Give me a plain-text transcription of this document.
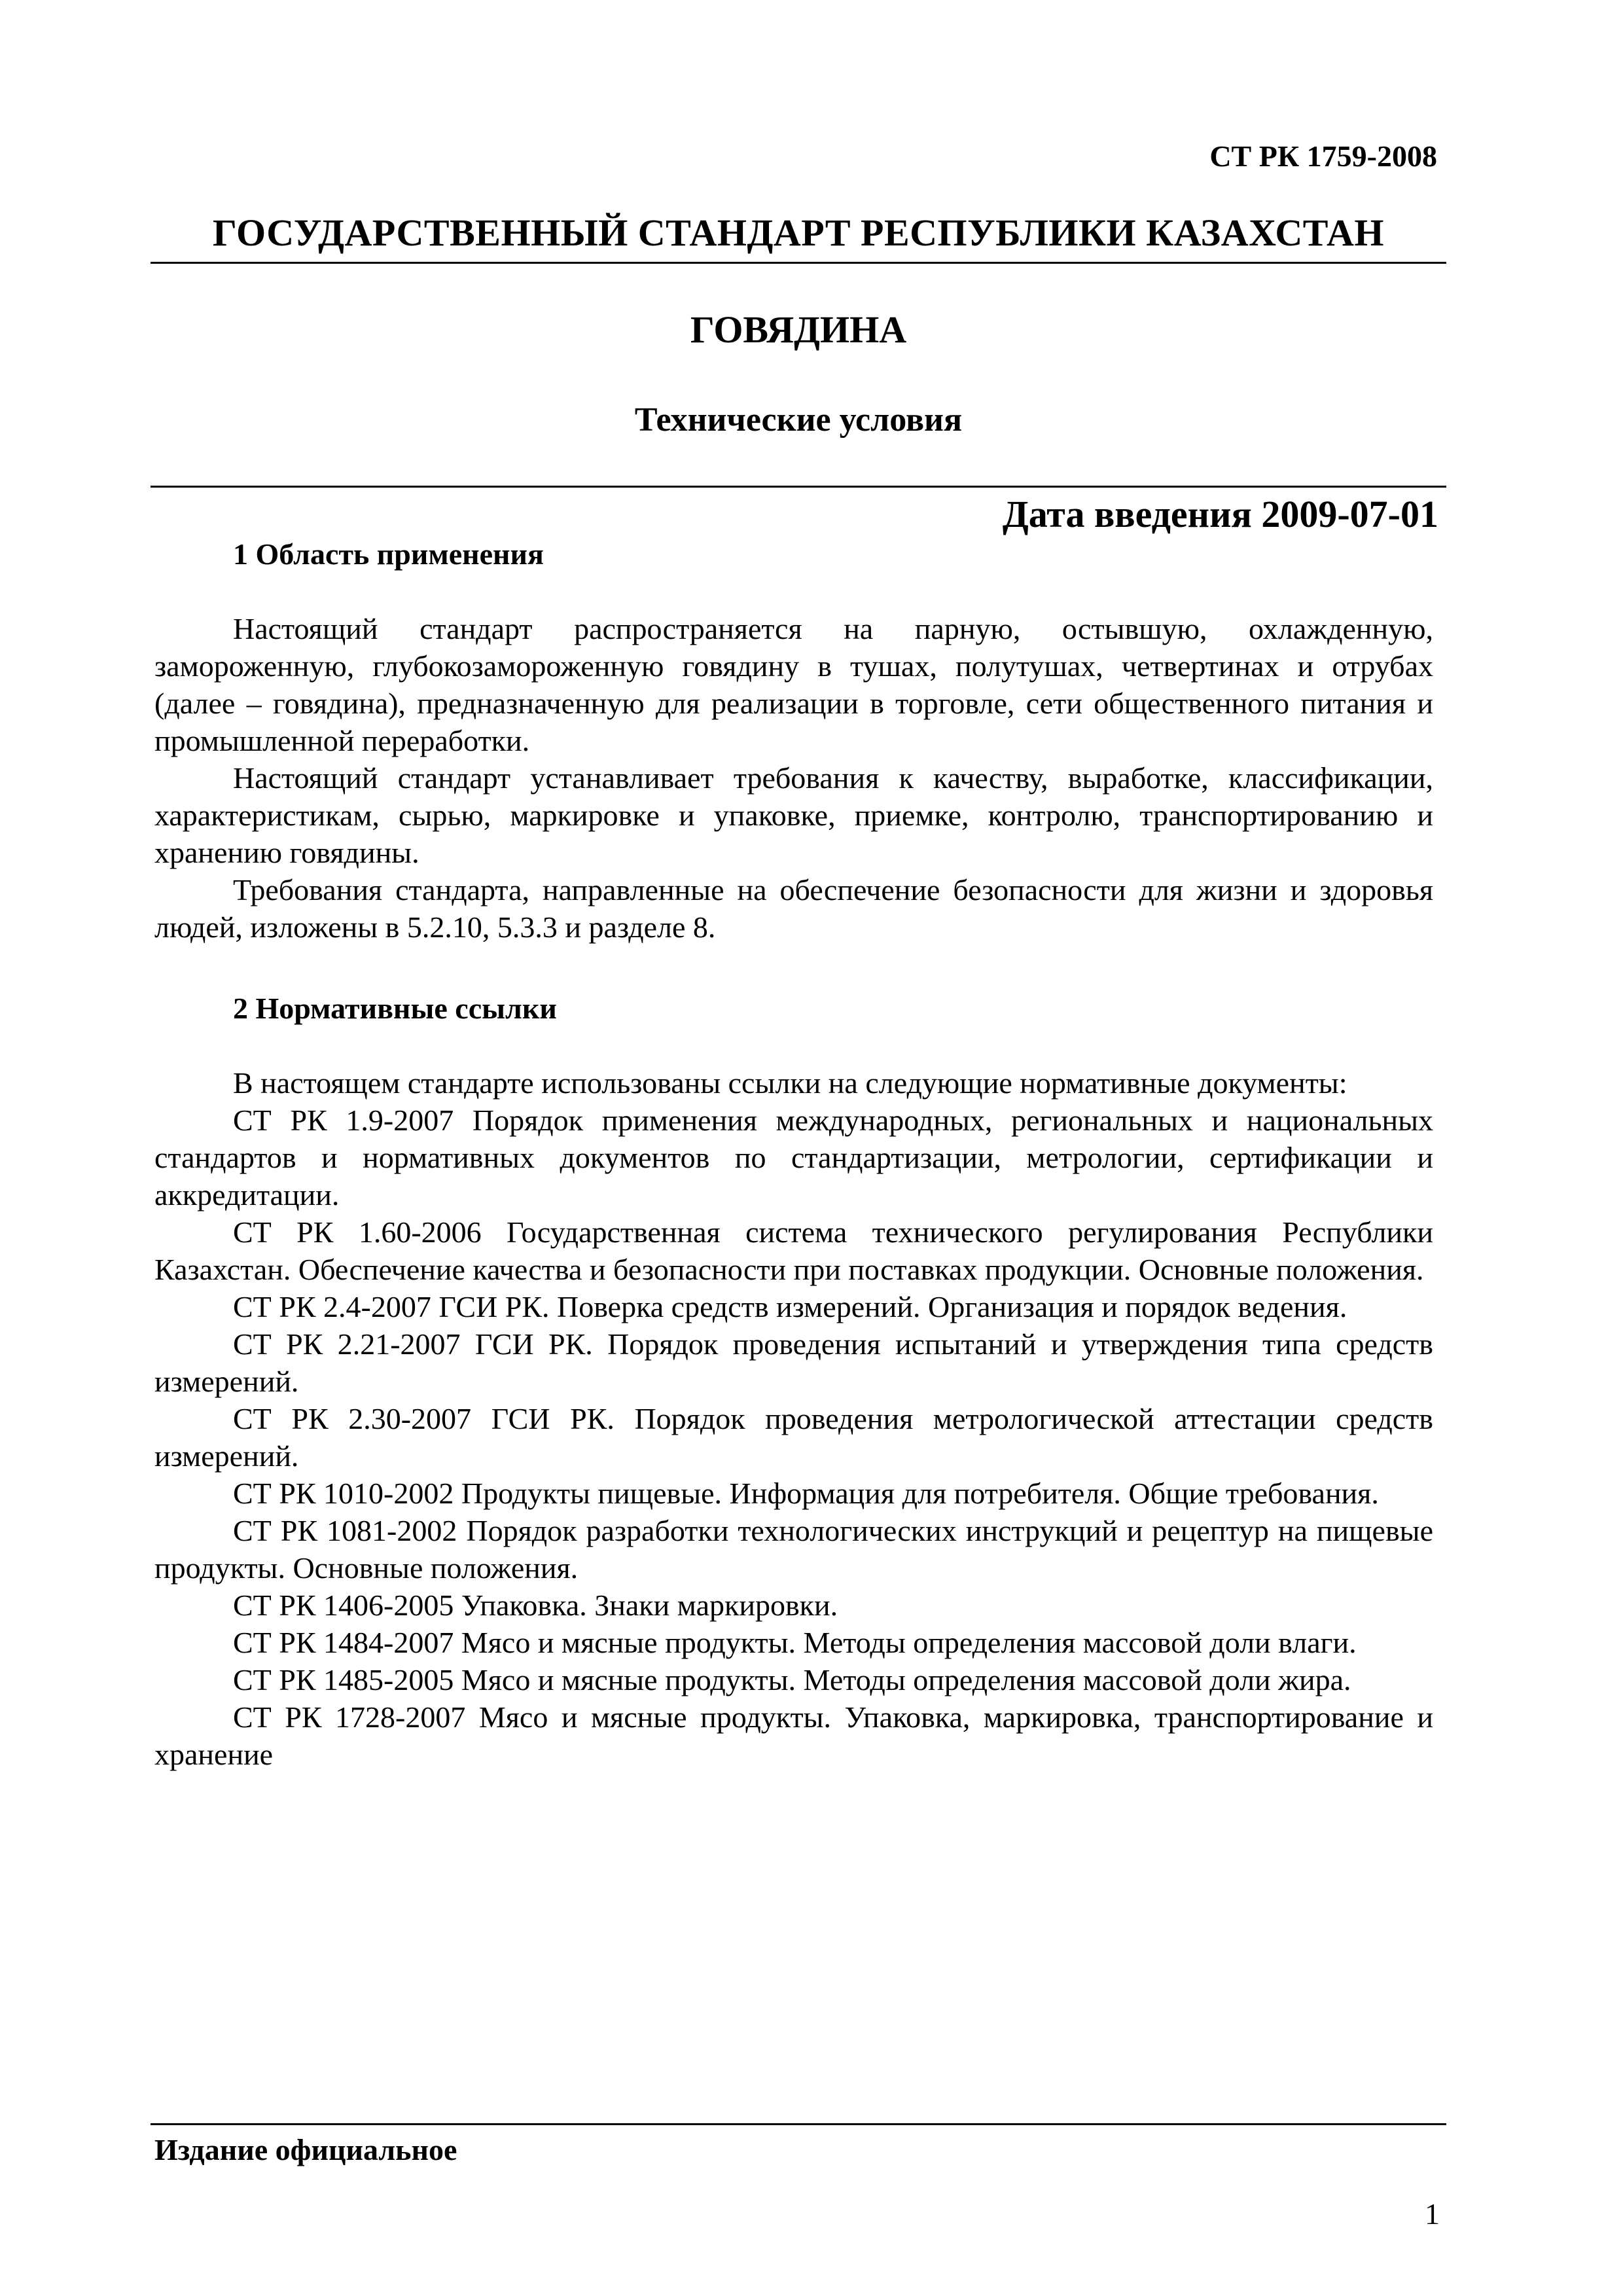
СТ РК 1759-2008
ГОСУДАРСТВЕННЫЙ СТАНДАРТ РЕСПУБЛИКИ КАЗАХСТАН
ГОВЯДИНА
Технические условия
Дата введения 2009-07-01
1 Область применения

Настоящий стандарт распространяется на парную, остывшую, охлажденную, замороженную, глубокозамороженную говядину в тушах, полутушах, четвертинах и отрубах (далее – говядина), предназначенную для реализации в торговле, сети общественного питания и промышленной переработки.

Настоящий стандарт устанавливает требования к качеству, выработке, классификации, характеристикам, сырью, маркировке и упаковке, приемке, контролю, транспортированию и хранению говядины.

Требования стандарта, направленные на обеспечение безопасности для жизни и здоровья людей, изложены в 5.2.10, 5.3.3 и разделе 8.

2 Нормативные ссылки

В настоящем стандарте использованы ссылки на следующие нормативные документы:

СТ РК 1.9-2007 Порядок применения международных, региональных и национальных стандартов и нормативных документов по стандартизации, метрологии, сертификации и аккредитации.

СТ РК 1.60-2006 Государственная система технического регулирования Республики Казахстан. Обеспечение качества и безопасности при поставках продукции. Основные положения.

СТ РК 2.4-2007 ГСИ РК. Поверка средств измерений. Организация и порядок ведения.

СТ РК 2.21-2007 ГСИ РК. Порядок проведения испытаний и утверждения типа средств измерений.

СТ РК 2.30-2007 ГСИ РК. Порядок проведения метрологической аттестации средств измерений.

СТ РК 1010-2002 Продукты пищевые. Информация для потребителя. Общие требования.

СТ РК 1081-2002 Порядок разработки технологических инструкций и рецептур на пищевые продукты. Основные положения.

СТ РК 1406-2005 Упаковка. Знаки маркировки.

СТ РК 1484-2007 Мясо и мясные продукты. Методы определения массовой доли влаги.

СТ РК 1485-2005 Мясо и мясные продукты. Методы определения массовой доли жира.

СТ РК 1728-2007 Мясо и мясные продукты. Упаковка, маркировка, транспортирование и хранение

Издание официальное
1
